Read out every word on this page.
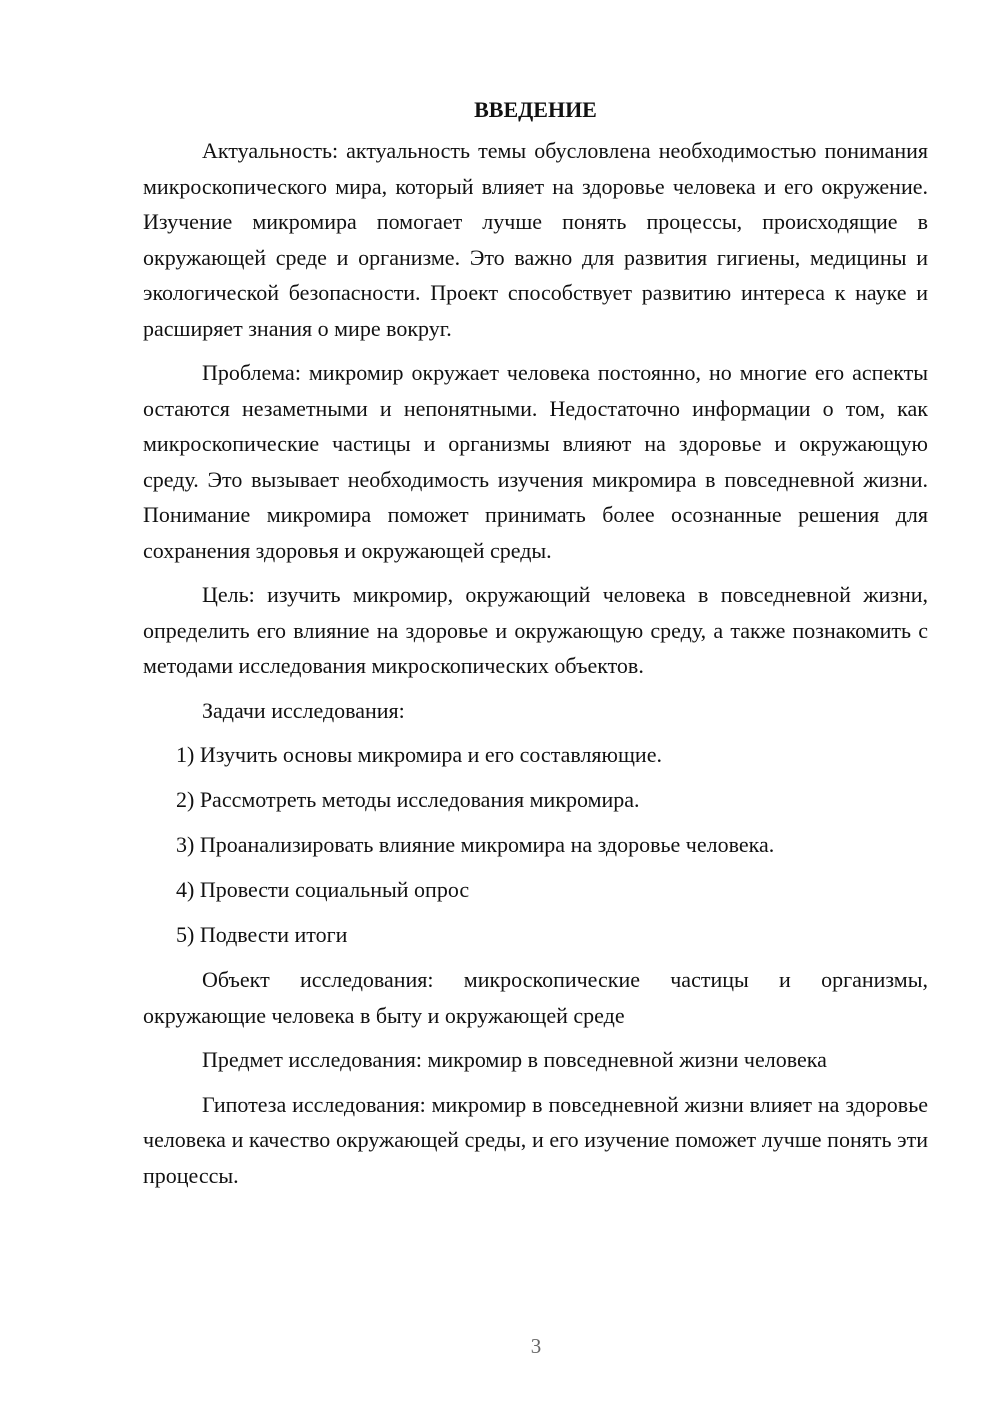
ВВЕДЕНИЕ

Актуальность: актуальность темы обусловлена необходимостью понимания микроскопического мира, который влияет на здоровье человека и его окружение. Изучение микромира помогает лучше понять процессы, происходящие в окружающей среде и организме. Это важно для развития гигиены, медицины и экологической безопасности. Проект способствует развитию интереса к науке и расширяет знания о мире вокруг.

Проблема: микромир окружает человека постоянно, но многие его аспекты остаются незаметными и непонятными. Недостаточно информации о том, как микроскопические частицы и организмы влияют на здоровье и окружающую среду. Это вызывает необходимость изучения микромира в повседневной жизни. Понимание микромира поможет принимать более осознанные решения для сохранения здоровья и окружающей среды.

Цель: изучить микромир, окружающий человека в повседневной жизни, определить его влияние на здоровье и окружающую среду, а также познакомить с методами исследования микроскопических объектов.

Задачи исследования:

1) Изучить основы микромира и его составляющие.
2) Рассмотреть методы исследования микромира.
3) Проанализировать влияние микромира на здоровье человека.
4) Провести социальный опрос
5) Подвести итоги

Объект исследования: микроскопические частицы и организмы, окружающие человека в быту и окружающей среде

Предмет исследования: микромир в повседневной жизни человека

Гипотеза исследования: микромир в повседневной жизни влияет на здоровье человека и качество окружающей среды, и его изучение поможет лучше понять эти процессы.

3
